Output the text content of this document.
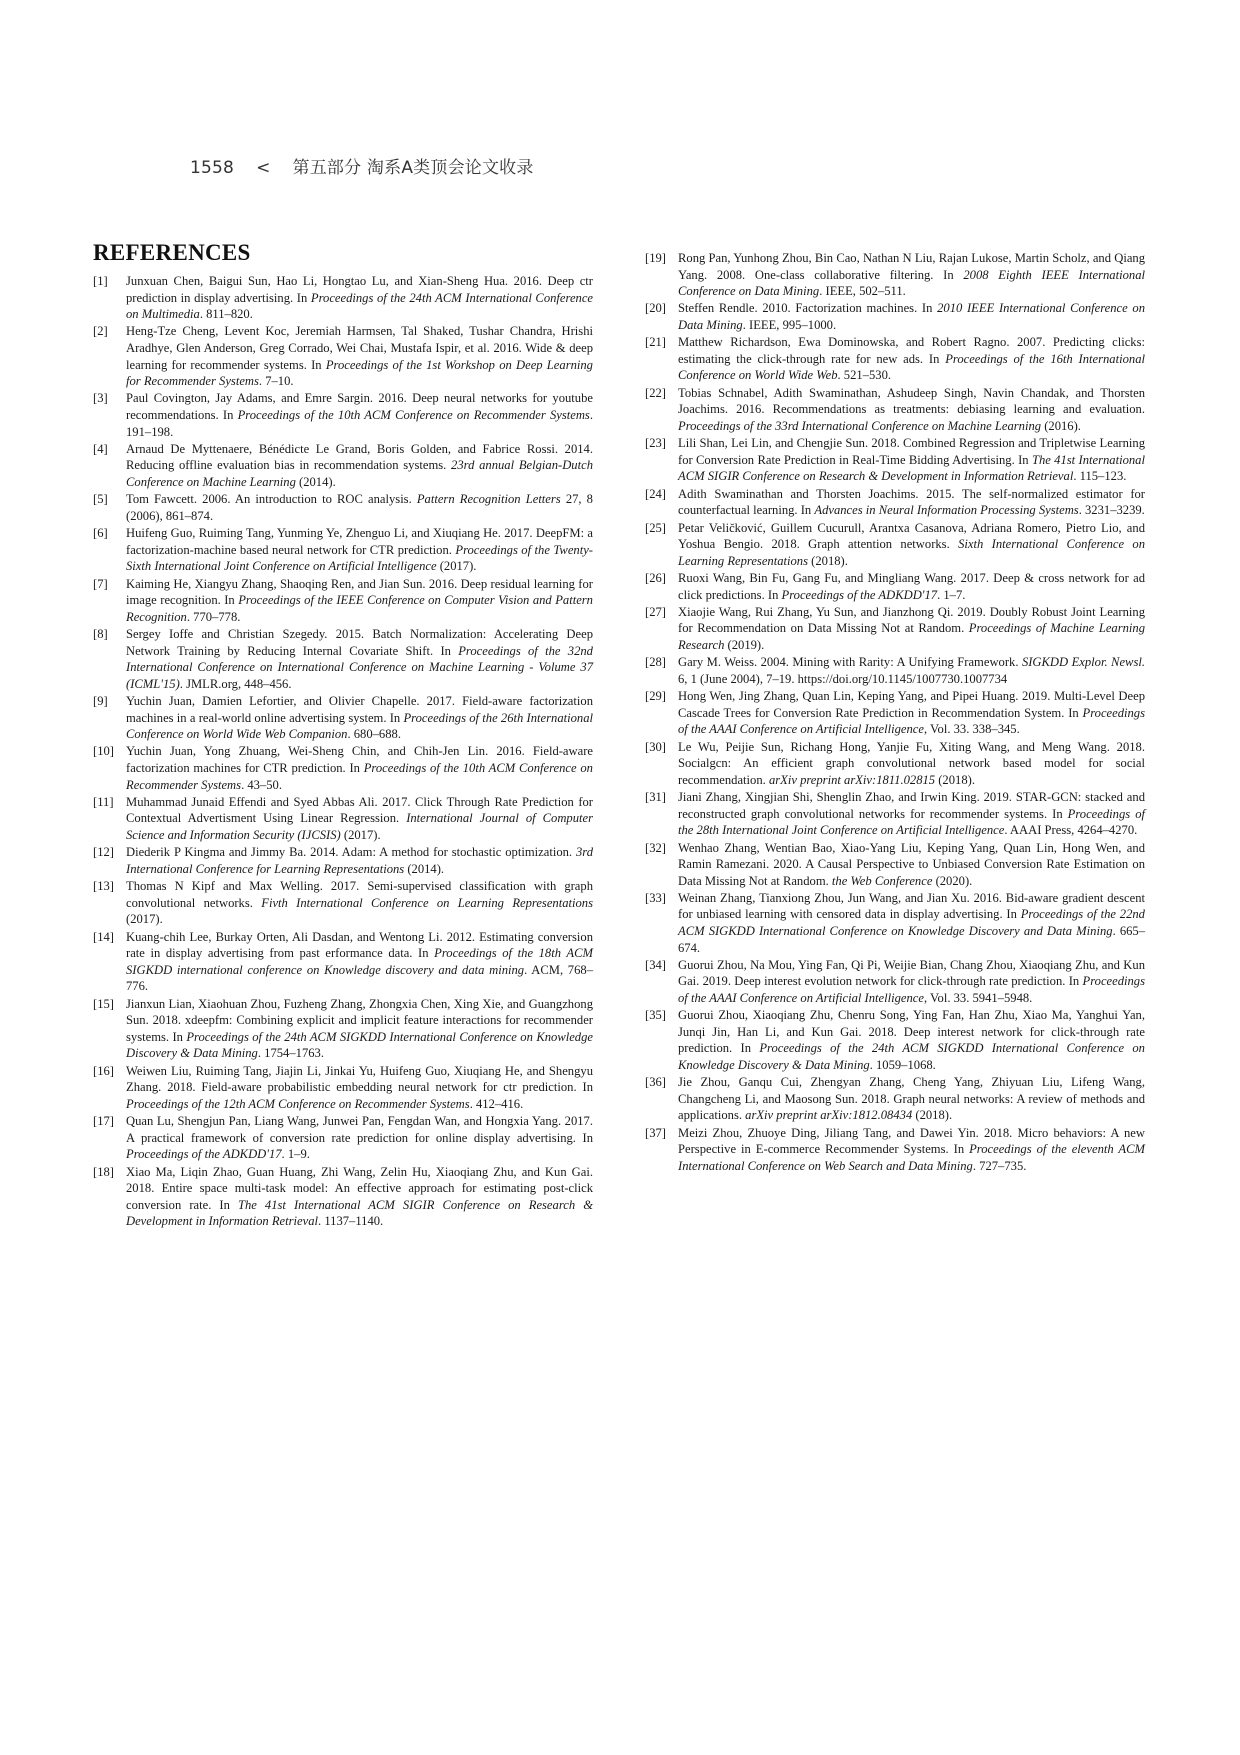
1558 < 第五部分 淘系A类顶会论文收录
REFERENCES

[1] Junxuan Chen, Baigui Sun, Hao Li, Hongtao Lu, and Xian-Sheng Hua. 2016. Deep ctr prediction in display advertising. In Proceedings of the 24th ACM International Conference on Multimedia. 811–820.

[2] Heng-Tze Cheng, Levent Koc, Jeremiah Harmsen, Tal Shaked, Tushar Chandra, Hrishi Aradhye, Glen Anderson, Greg Corrado, Wei Chai, Mustafa Ispir, et al. 2016. Wide & deep learning for recommender systems. In Proceedings of the 1st Workshop on Deep Learning for Recommender Systems. 7–10.

[3] Paul Covington, Jay Adams, and Emre Sargin. 2016. Deep neural networks for youtube recommendations. In Proceedings of the 10th ACM Conference on Recommender Systems. 191–198.

[4] Arnaud De Myttenaere, Bénédicte Le Grand, Boris Golden, and Fabrice Rossi. 2014. Reducing offline evaluation bias in recommendation systems. 23rd annual Belgian-Dutch Conference on Machine Learning (2014).

[5] Tom Fawcett. 2006. An introduction to ROC analysis. Pattern Recognition Letters 27, 8 (2006), 861–874.

[6] Huifeng Guo, Ruiming Tang, Yunming Ye, Zhenguo Li, and Xiuqiang He. 2017. DeepFM: a factorization-machine based neural network for CTR prediction. Proceedings of the Twenty-Sixth International Joint Conference on Artificial Intelligence (2017).

[7] Kaiming He, Xiangyu Zhang, Shaoqing Ren, and Jian Sun. 2016. Deep residual learning for image recognition. In Proceedings of the IEEE Conference on Computer Vision and Pattern Recognition. 770–778.

[8] Sergey Ioffe and Christian Szegedy. 2015. Batch Normalization: Accelerating Deep Network Training by Reducing Internal Covariate Shift. In Proceedings of the 32nd International Conference on International Conference on Machine Learning - Volume 37 (ICML'15). JMLR.org, 448–456.

[9] Yuchin Juan, Damien Lefortier, and Olivier Chapelle. 2017. Field-aware factorization machines in a real-world online advertising system. In Proceedings of the 26th International Conference on World Wide Web Companion. 680–688.

[10] Yuchin Juan, Yong Zhuang, Wei-Sheng Chin, and Chih-Jen Lin. 2016. Field-aware factorization machines for CTR prediction. In Proceedings of the 10th ACM Conference on Recommender Systems. 43–50.

[11] Muhammad Junaid Effendi and Syed Abbas Ali. 2017. Click Through Rate Prediction for Contextual Advertisment Using Linear Regression. International Journal of Computer Science and Information Security (IJCSIS) (2017).

[12] Diederik P Kingma and Jimmy Ba. 2014. Adam: A method for stochastic optimization. 3rd International Conference for Learning Representations (2014).

[13] Thomas N Kipf and Max Welling. 2017. Semi-supervised classification with graph convolutional networks. Fivth International Conference on Learning Representations (2017).

[14] Kuang-chih Lee, Burkay Orten, Ali Dasdan, and Wentong Li. 2012. Estimating conversion rate in display advertising from past erformance data. In Proceedings of the 18th ACM SIGKDD international conference on Knowledge discovery and data mining. ACM, 768–776.

[15] Jianxun Lian, Xiaohuan Zhou, Fuzheng Zhang, Zhongxia Chen, Xing Xie, and Guangzhong Sun. 2018. xdeepfm: Combining explicit and implicit feature interactions for recommender systems. In Proceedings of the 24th ACM SIGKDD International Conference on Knowledge Discovery & Data Mining. 1754–1763.

[16] Weiwen Liu, Ruiming Tang, Jiajin Li, Jinkai Yu, Huifeng Guo, Xiuqiang He, and Shengyu Zhang. 2018. Field-aware probabilistic embedding neural network for ctr prediction. In Proceedings of the 12th ACM Conference on Recommender Systems. 412–416.

[17] Quan Lu, Shengjun Pan, Liang Wang, Junwei Pan, Fengdan Wan, and Hongxia Yang. 2017. A practical framework of conversion rate prediction for online display advertising. In Proceedings of the ADKDD'17. 1–9.

[18] Xiao Ma, Liqin Zhao, Guan Huang, Zhi Wang, Zelin Hu, Xiaoqiang Zhu, and Kun Gai. 2018. Entire space multi-task model: An effective approach for estimating post-click conversion rate. In The 41st International ACM SIGIR Conference on Research & Development in Information Retrieval. 1137–1140.

[19] Rong Pan, Yunhong Zhou, Bin Cao, Nathan N Liu, Rajan Lukose, Martin Scholz, and Qiang Yang. 2008. One-class collaborative filtering. In 2008 Eighth IEEE International Conference on Data Mining. IEEE, 502–511.

[20] Steffen Rendle. 2010. Factorization machines. In 2010 IEEE International Conference on Data Mining. IEEE, 995–1000.

[21] Matthew Richardson, Ewa Dominowska, and Robert Ragno. 2007. Predicting clicks: estimating the click-through rate for new ads. In Proceedings of the 16th International Conference on World Wide Web. 521–530.

[22] Tobias Schnabel, Adith Swaminathan, Ashudeep Singh, Navin Chandak, and Thorsten Joachims. 2016. Recommendations as treatments: debiasing learning and evaluation. Proceedings of the 33rd International Conference on Machine Learning (2016).

[23] Lili Shan, Lei Lin, and Chengjie Sun. 2018. Combined Regression and Tripletwise Learning for Conversion Rate Prediction in Real-Time Bidding Advertising. In The 41st International ACM SIGIR Conference on Research & Development in Information Retrieval. 115–123.

[24] Adith Swaminathan and Thorsten Joachims. 2015. The self-normalized estimator for counterfactual learning. In Advances in Neural Information Processing Systems. 3231–3239.

[25] Petar Veličković, Guillem Cucurull, Arantxa Casanova, Adriana Romero, Pietro Lio, and Yoshua Bengio. 2018. Graph attention networks. Sixth International Conference on Learning Representations (2018).

[26] Ruoxi Wang, Bin Fu, Gang Fu, and Mingliang Wang. 2017. Deep & cross network for ad click predictions. In Proceedings of the ADKDD'17. 1–7.

[27] Xiaojie Wang, Rui Zhang, Yu Sun, and Jianzhong Qi. 2019. Doubly Robust Joint Learning for Recommendation on Data Missing Not at Random. Proceedings of Machine Learning Research (2019).

[28] Gary M. Weiss. 2004. Mining with Rarity: A Unifying Framework. SIGKDD Explor. Newsl. 6, 1 (June 2004), 7–19. https://doi.org/10.1145/1007730.1007734

[29] Hong Wen, Jing Zhang, Quan Lin, Keping Yang, and Pipei Huang. 2019. Multi-Level Deep Cascade Trees for Conversion Rate Prediction in Recommendation System. In Proceedings of the AAAI Conference on Artificial Intelligence, Vol. 33. 338–345.

[30] Le Wu, Peijie Sun, Richang Hong, Yanjie Fu, Xiting Wang, and Meng Wang. 2018. Socialgcn: An efficient graph convolutional network based model for social recommendation. arXiv preprint arXiv:1811.02815 (2018).

[31] Jiani Zhang, Xingjian Shi, Shenglin Zhao, and Irwin King. 2019. STAR-GCN: stacked and reconstructed graph convolutional networks for recommender systems. In Proceedings of the 28th International Joint Conference on Artificial Intelligence. AAAI Press, 4264–4270.

[32] Wenhao Zhang, Wentian Bao, Xiao-Yang Liu, Keping Yang, Quan Lin, Hong Wen, and Ramin Ramezani. 2020. A Causal Perspective to Unbiased Conversion Rate Estimation on Data Missing Not at Random. the Web Conference (2020).

[33] Weinan Zhang, Tianxiong Zhou, Jun Wang, and Jian Xu. 2016. Bid-aware gradient descent for unbiased learning with censored data in display advertising. In Proceedings of the 22nd ACM SIGKDD International Conference on Knowledge Discovery and Data Mining. 665–674.

[34] Guorui Zhou, Na Mou, Ying Fan, Qi Pi, Weijie Bian, Chang Zhou, Xiaoqiang Zhu, and Kun Gai. 2019. Deep interest evolution network for click-through rate prediction. In Proceedings of the AAAI Conference on Artificial Intelligence, Vol. 33. 5941–5948.

[35] Guorui Zhou, Xiaoqiang Zhu, Chenru Song, Ying Fan, Han Zhu, Xiao Ma, Yanghui Yan, Junqi Jin, Han Li, and Kun Gai. 2018. Deep interest network for click-through rate prediction. In Proceedings of the 24th ACM SIGKDD International Conference on Knowledge Discovery & Data Mining. 1059–1068.

[36] Jie Zhou, Ganqu Cui, Zhengyan Zhang, Cheng Yang, Zhiyuan Liu, Lifeng Wang, Changcheng Li, and Maosong Sun. 2018. Graph neural networks: A review of methods and applications. arXiv preprint arXiv:1812.08434 (2018).

[37] Meizi Zhou, Zhuoye Ding, Jiliang Tang, and Dawei Yin. 2018. Micro behaviors: A new Perspective in E-commerce Recommender Systems. In Proceedings of the eleventh ACM International Conference on Web Search and Data Mining. 727–735.
